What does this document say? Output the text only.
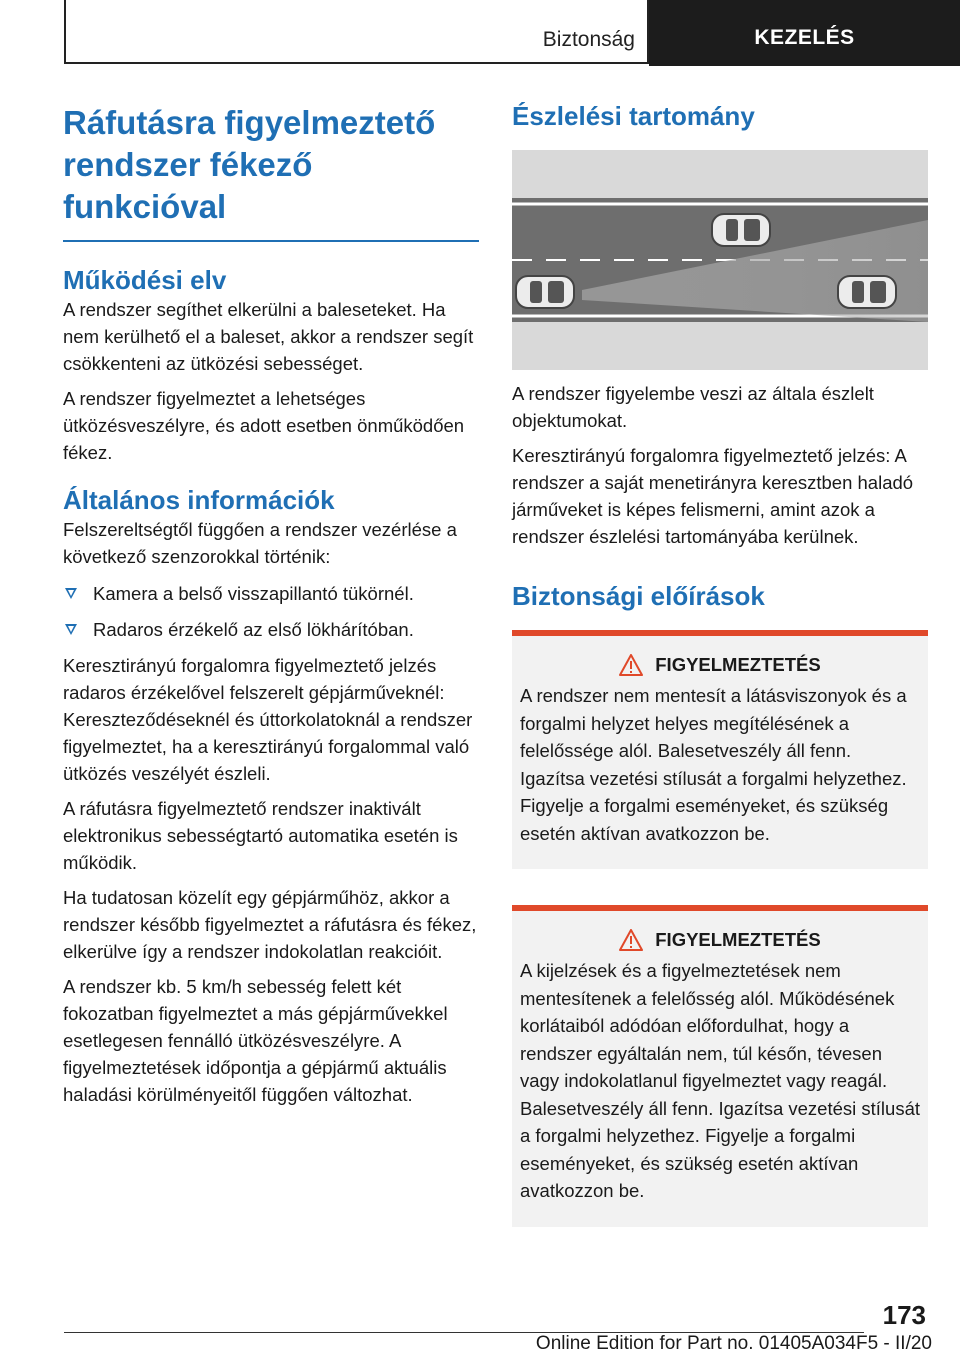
Biztonság	KEZELÉS
Ráfutásra figyelmeztető
rendszer fékező funkcióval
Működési elv

A rendszer segíthet elkerülni a baleseteket. Ha nem kerülhető el a baleset, akkor a rendszer segít csökkenteni az ütközési sebességet.

A rendszer figyelmeztet a lehetséges ütközésveszélyre, és adott esetben önműködően fékez.

Általános információk

Felszereltségtől függően a rendszer vezérlése a következő szenzorokkal történik:

Kamera a belső visszapillantó tükörnél.
Radaros érzékelő az első lökhárítóban.

Keresztirányú forgalomra figyelmeztető jelzés radaros érzékelővel felszerelt gépjárműveknél: Kereszteződéseknél és úttorkolatoknál a rendszer figyelmeztet, ha a keresztirányú forgalommal való ütközés veszélyét észleli.

A ráfutásra figyelmeztető rendszer inaktivált elektronikus sebességtartó automatika esetén is működik.

Ha tudatosan közelít egy gépjárműhöz, akkor a rendszer később figyelmeztet a ráfutásra és fékez, elkerülve így a rendszer indokolatlan reakcióit.

A rendszer kb. 5 km/h sebesség felett két fokozatban figyelmeztet a más gépjárművekkel esetlegesen fennálló ütközésveszélyre. A figyelmeztetések időpontja a gépjármű aktuális haladási körülményeitől függően változhat.

Észlelési tartomány

A rendszer figyelembe veszi az általa észlelt objektumokat.

Keresztirányú forgalomra figyelmeztető jelzés: A rendszer a saját menetirányra keresztben haladó járműveket is képes felismerni, amint azok a rendszer észlelési tartományába kerülnek.

Biztonsági előírások
FIGYELMEZTETÉS

A rendszer nem mentesít a látásviszonyok és a forgalmi helyzet helyes megítélésének a felelőssége alól. Balesetveszély áll fenn. Igazítsa vezetési stílusát a forgalmi helyzethez. Figyelje a forgalmi eseményeket, és szükség esetén aktívan avatkozzon be.

FIGYELMEZTETÉS

A kijelzések és a figyelmeztetések nem mentesítenek a felelősség alól. Működésének korlátaiból adódóan előfordulhat, hogy a rendszer egyáltalán nem, túl későn, tévesen vagy indokolatlanul figyelmeztet vagy reagál. Balesetveszély áll fenn. Igazítsa vezetési stílusát a forgalmi helyzethez. Figyelje a forgalmi eseményeket, és szükség esetén aktívan avatkozzon be.

173
Online Edition for Part no. 01405A034F5 - II/20
